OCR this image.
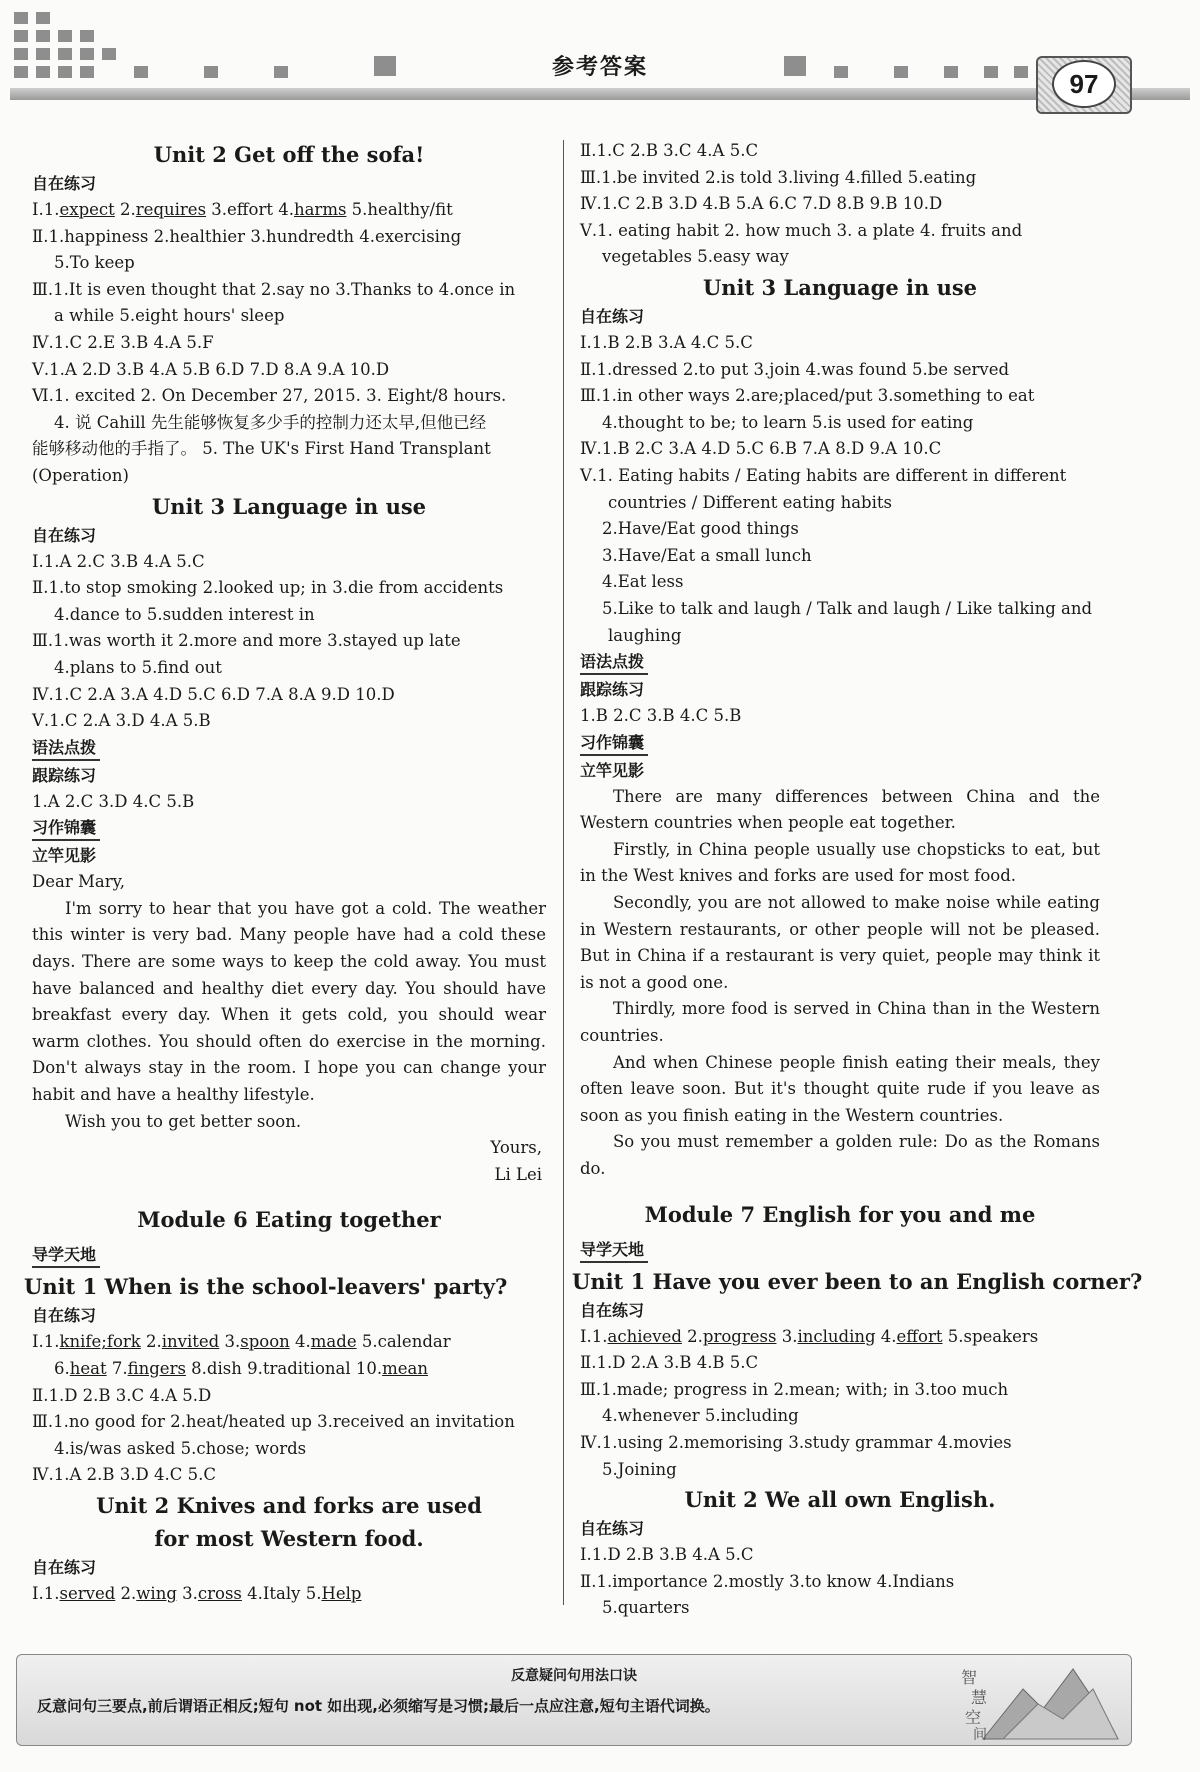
参考答案
97
Unit 2 Get off the sofa!
自在练习
Ⅰ.1.expect 2.requires 3.effort 4.harms 5.healthy/fit
Ⅱ.1.happiness 2.healthier 3.hundredth 4.exercising
5.To keep
Ⅲ.1.It is even thought that 2.say no 3.Thanks to 4.once in
a while 5.eight hours' sleep
Ⅳ.1.C 2.E 3.B 4.A 5.F
Ⅴ.1.A 2.D 3.B 4.A 5.B 6.D 7.D 8.A 9.A 10.D
Ⅵ.1. excited 2. On December 27, 2015. 3. Eight/8 hours.
4. 说 Cahill 先生能够恢复多少手的控制力还太早,但他已经
能够移动他的手指了。 5. The UK's First Hand Transplant
(Operation)
Unit 3 Language in use
自在练习
Ⅰ.1.A 2.C 3.B 4.A 5.C
Ⅱ.1.to stop smoking 2.looked up; in 3.die from accidents
4.dance to 5.sudden interest in
Ⅲ.1.was worth it 2.more and more 3.stayed up late
4.plans to 5.find out
Ⅳ.1.C 2.A 3.A 4.D 5.C 6.D 7.A 8.A 9.D 10.D
Ⅴ.1.C 2.A 3.D 4.A 5.B
语法点拨
跟踪练习
1.A 2.C 3.D 4.C 5.B
习作锦囊
立竿见影
Dear Mary,
I'm sorry to hear that you have got a cold. The weather this winter is very bad. Many people have had a cold these days. There are some ways to keep the cold away. You must have balanced and healthy diet every day. You should have breakfast every day. When it gets cold, you should wear warm clothes. You should often do exercise in the morning. Don't always stay in the room. I hope you can change your habit and have a healthy lifestyle.
Wish you to get better soon.
Yours,
Li Lei
Module 6 Eating together
导学天地
Unit 1 When is the school-leavers' party?
自在练习
Ⅰ.1.knife;fork 2.invited 3.spoon 4.made 5.calendar
6.heat 7.fingers 8.dish 9.traditional 10.mean
Ⅱ.1.D 2.B 3.C 4.A 5.D
Ⅲ.1.no good for 2.heat/heated up 3.received an invitation
4.is/was asked 5.chose; words
Ⅳ.1.A 2.B 3.D 4.C 5.C
Unit 2 Knives and forks are used
for most Western food.
自在练习
Ⅰ.1.served 2.wing 3.cross 4.Italy 5.Help
Ⅱ.1.C 2.B 3.C 4.A 5.C
Ⅲ.1.be invited 2.is told 3.living 4.filled 5.eating
Ⅳ.1.C 2.B 3.D 4.B 5.A 6.C 7.D 8.B 9.B 10.D
Ⅴ.1. eating habit 2. how much 3. a plate 4. fruits and
vegetables 5.easy way
Unit 3 Language in use
自在练习
Ⅰ.1.B 2.B 3.A 4.C 5.C
Ⅱ.1.dressed 2.to put 3.join 4.was found 5.be served
Ⅲ.1.in other ways 2.are;placed/put 3.something to eat
4.thought to be; to learn 5.is used for eating
Ⅳ.1.B 2.C 3.A 4.D 5.C 6.B 7.A 8.D 9.A 10.C
Ⅴ.1. Eating habits / Eating habits are different in different
countries / Different eating habits
2.Have/Eat good things
3.Have/Eat a small lunch
4.Eat less
5.Like to talk and laugh / Talk and laugh / Like talking and
laughing
语法点拨
跟踪练习
1.B 2.C 3.B 4.C 5.B
习作锦囊
立竿见影
There are many differences between China and the Western countries when people eat together.
Firstly, in China people usually use chopsticks to eat, but in the West knives and forks are used for most food.
Secondly, you are not allowed to make noise while eating in Western restaurants, or other people will not be pleased. But in China if a restaurant is very quiet, people may think it is not a good one.
Thirdly, more food is served in China than in the Western countries.
And when Chinese people finish eating their meals, they often leave soon. But it's thought quite rude if you leave as soon as you finish eating in the Western countries.
So you must remember a golden rule: Do as the Romans do.
Module 7 English for you and me
导学天地
Unit 1 Have you ever been to an English corner?
自在练习
Ⅰ.1.achieved 2.progress 3.including 4.effort 5.speakers
Ⅱ.1.D 2.A 3.B 4.B 5.C
Ⅲ.1.made; progress in 2.mean; with; in 3.too much
4.whenever 5.including
Ⅳ.1.using 2.memorising 3.study grammar 4.movies
5.Joining
Unit 2 We all own English.
自在练习
Ⅰ.1.D 2.B 3.B 4.A 5.C
Ⅱ.1.importance 2.mostly 3.to know 4.Indians
5.quarters
反意疑问句用法口诀
反意问句三要点,前后谓语正相反;短句 not 如出现,必须缩写是习惯;最后一点应注意,短句主语代词换。
智
慧
空
间
